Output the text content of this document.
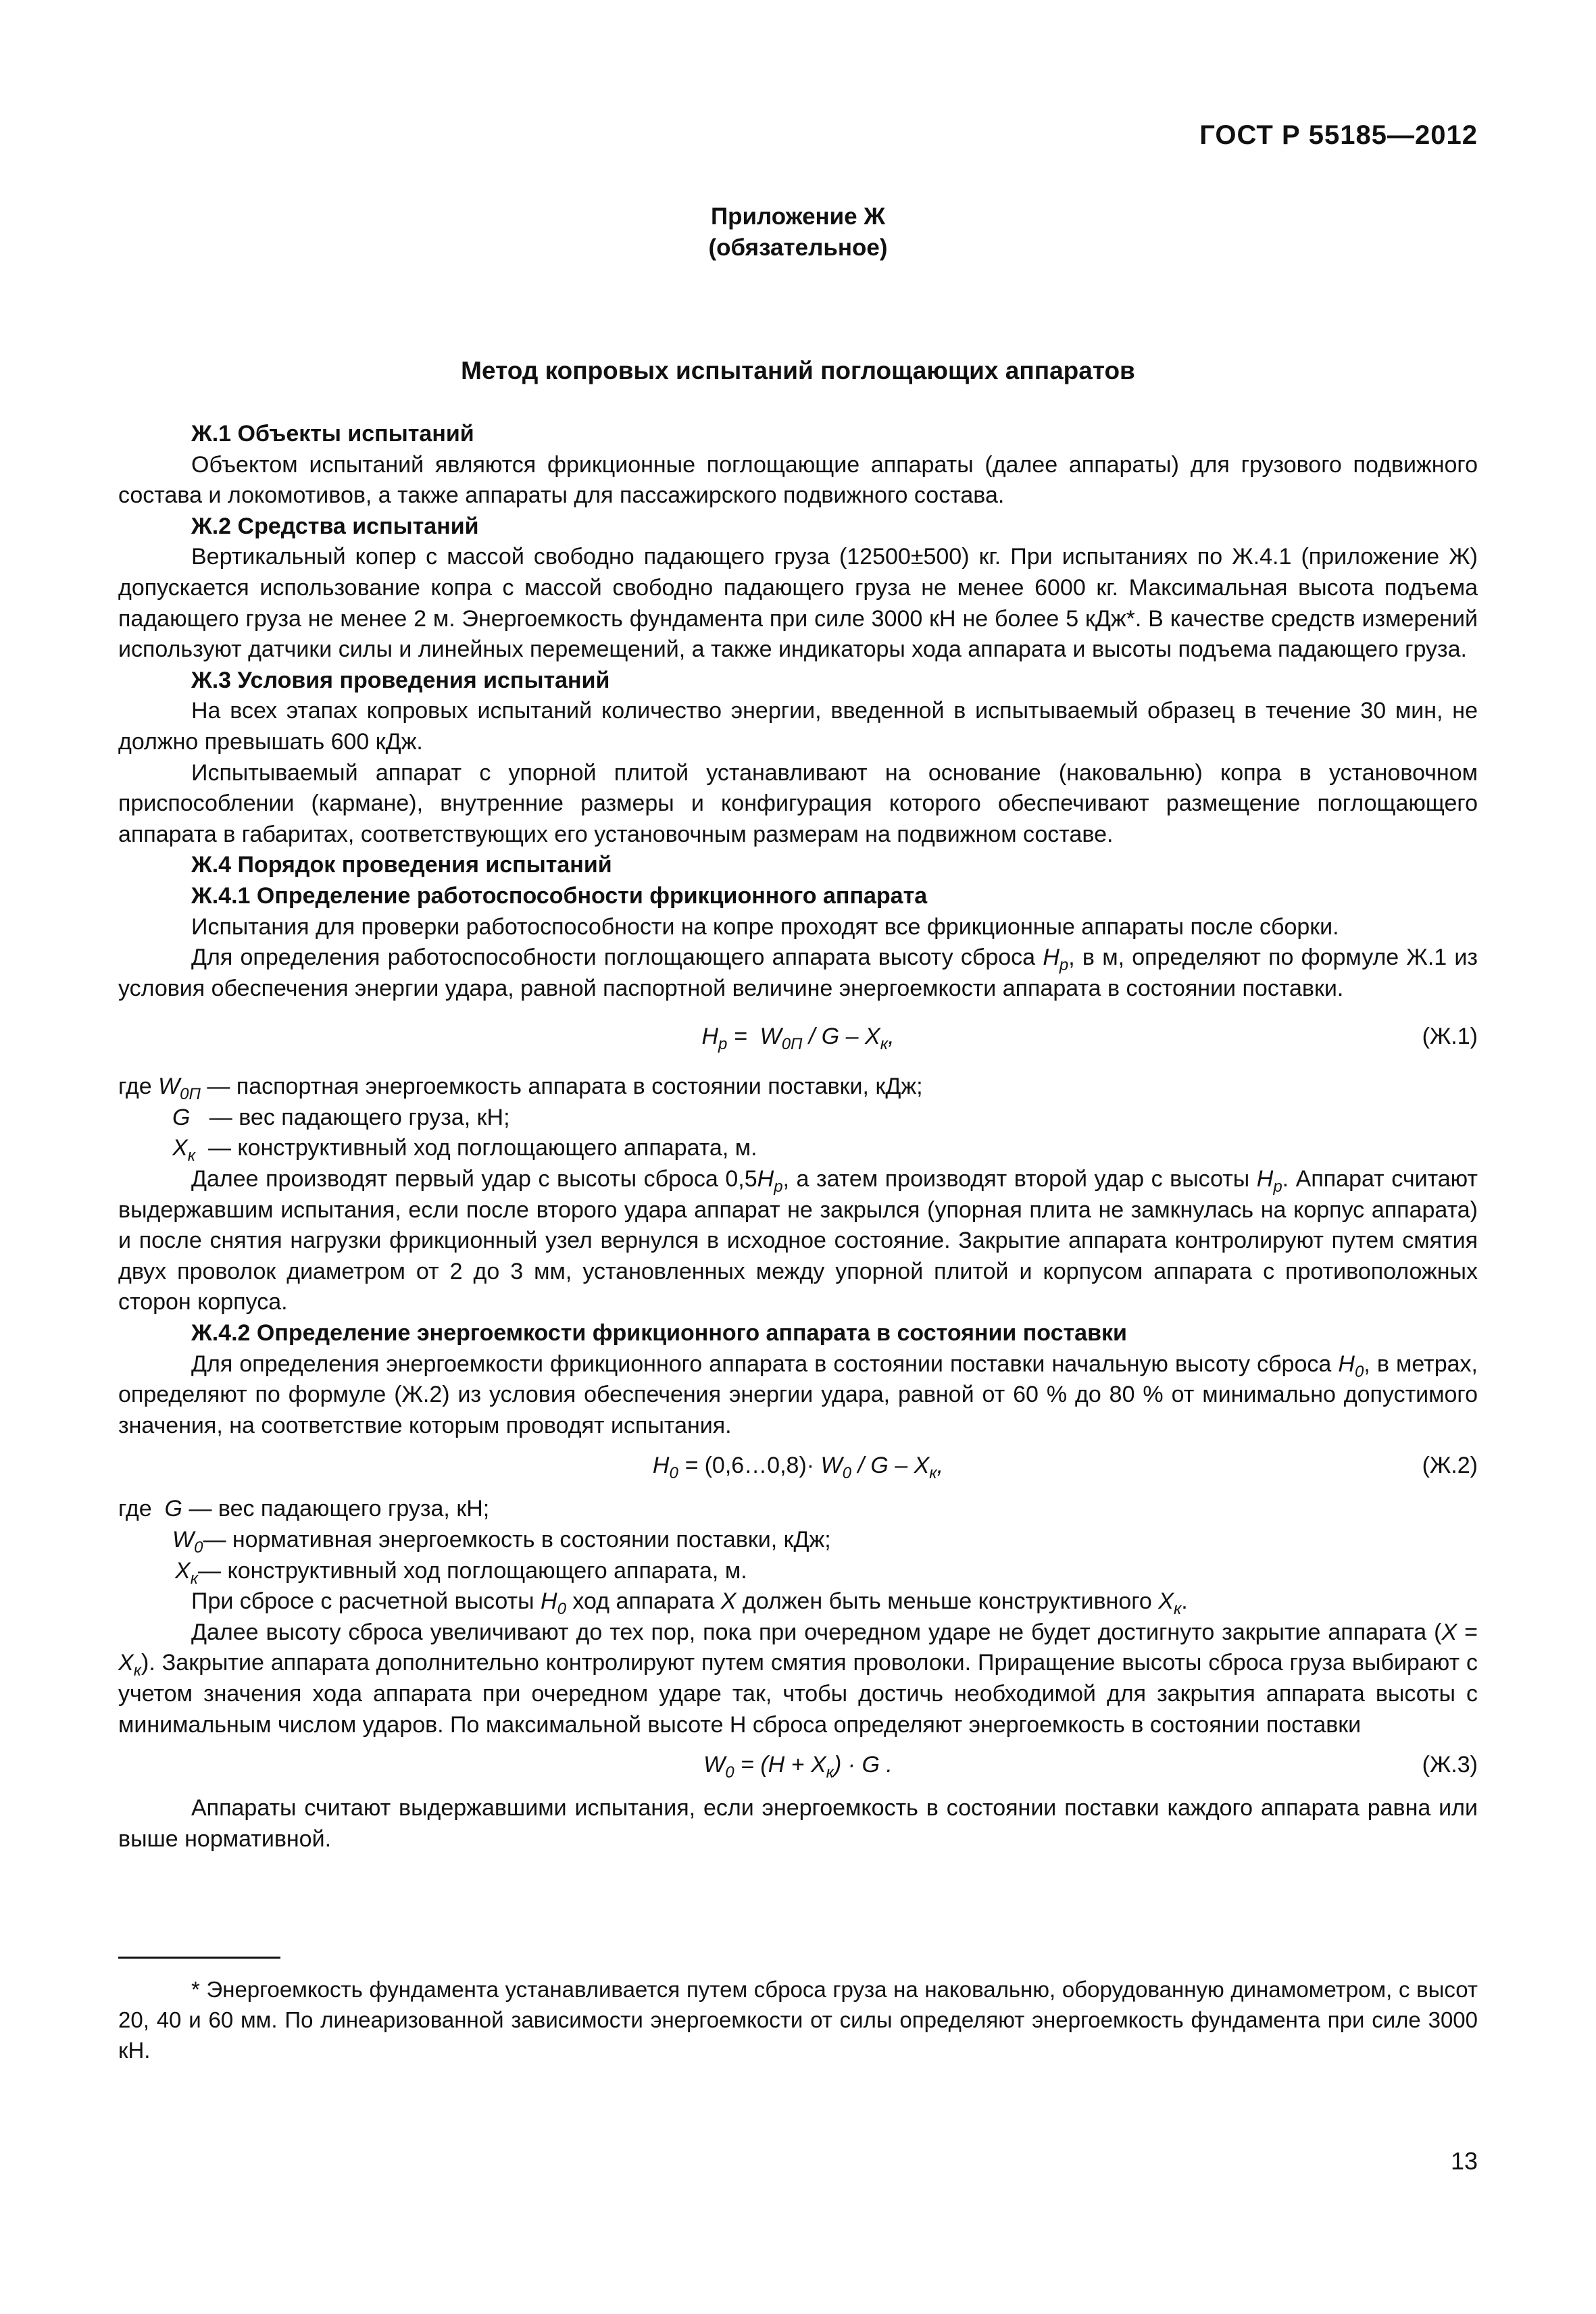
ГОСТ Р 55185—2012
Приложение Ж
(обязательное)
Метод копровых испытаний поглощающих аппаратов

Ж.1 Объекты испытаний

Объектом испытаний являются фрикционные поглощающие аппараты (далее аппараты) для грузового подвижного состава и локомотивов, а также аппараты для пассажирского подвижного состава.

Ж.2 Средства испытаний

Вертикальный копер с массой свободно падающего груза (12500±500) кг. При испытаниях по Ж.4.1 (приложение Ж) допускается использование копра с массой свободно падающего груза не менее 6000 кг. Максимальная высота подъема падающего груза не менее 2 м. Энергоемкость фундамента при силе 3000 кН не более 5 кДж*. В качестве средств измерений используют датчики силы и линейных перемещений, а также индикаторы хода аппарата и высоты подъема падающего груза.

Ж.3 Условия проведения испытаний

На всех этапах копровых испытаний количество энергии, введенной в испытываемый образец в течение 30 мин, не должно превышать 600 кДж.

Испытываемый аппарат с упорной плитой устанавливают на основание (наковальню) копра в установочном приспособлении (кармане), внутренние размеры и конфигурация которого обеспечивают размещение поглощающего аппарата в габаритах, соответствующих его установочным размерам на подвижном составе.

Ж.4 Порядок проведения испытаний

Ж.4.1 Определение работоспособности фрикционного аппарата

Испытания для проверки работоспособности на копре проходят все фрикционные аппараты после сборки.

Для определения работоспособности поглощающего аппарата высоту сброса $H_p$, в м, определяют по формуле Ж.1 из условия обеспечения энергии удара, равной паспортной величине энергоемкости аппарата в состоянии поставки.

$H_p = W_{0П} / G - X_к$,	(Ж.1)
где
$W_{0П}$
— паспортная энергоемкость аппарата в состоянии поставки, кДж;
G
— вес падающего груза, кН;
$X_к$
— конструктивный ход поглощающего аппарата, м.

Далее производят первый удар с высоты сброса $0,5H_p$, а затем производят второй удар с высоты $H_p$. Аппарат считают выдержавшим испытания, если после второго удара аппарат не закрылся (упорная плита не замкнулась на корпус аппарата) и после снятия нагрузки фрикционный узел вернулся в исходное состояние. Закрытие аппарата контролируют путем смятия двух проволок диаметром от 2 до 3 мм, установленных между упорной плитой и корпусом аппарата с противоположных сторон корпуса.

Ж.4.2 Определение энергоемкости фрикционного аппарата в состоянии поставки

Для определения энергоемкости фрикционного аппарата в состоянии поставки начальную высоту сброса $H_0$, в метрах, определяют по формуле (Ж.2) из условия обеспечения энергии удара, равной от 60 % до 80 % от минимально допустимого значения, на соответствие которым проводят испытания.

$H_0$ = (0,6…0,8)· $W_0$ / G – $X_к$,	(Ж.2)
где
G
— вес падающего груза, кН;
$W_0$ — нормативная энергоемкость в состоянии поставки, кДж;
$X_к$ — конструктивный ход поглощающего аппарата, м.

При сбросе с расчетной высоты $H_0$ ход аппарата X должен быть меньше конструктивного $X_к$.

Далее высоту сброса увеличивают до тех пор, пока при очередном ударе не будет достигнуто закрытие аппарата $(X = X_к)$. Закрытие аппарата дополнительно контролируют путем смятия проволоки. Приращение высоты сброса груза выбирают с учетом значения хода аппарата при очередном ударе так, чтобы достичь необходимой для закрытия аппарата высоты с минимальным числом ударов. По максимальной высоте Н сброса определяют энергоемкость в состоянии поставки

$W_0 = (H + X_к) \cdot G$ .	(Ж.3)

Аппараты считают выдержавшими испытания, если энергоемкость в состоянии поставки каждого аппарата равна или выше нормативной.

* Энергоемкость фундамента устанавливается путем сброса груза на наковальню, оборудованную динамометром, с высот 20, 40 и 60 мм. По линеаризованной зависимости энергоемкости от силы определяют энергоемкость фундамента при силе 3000 кН.
13
